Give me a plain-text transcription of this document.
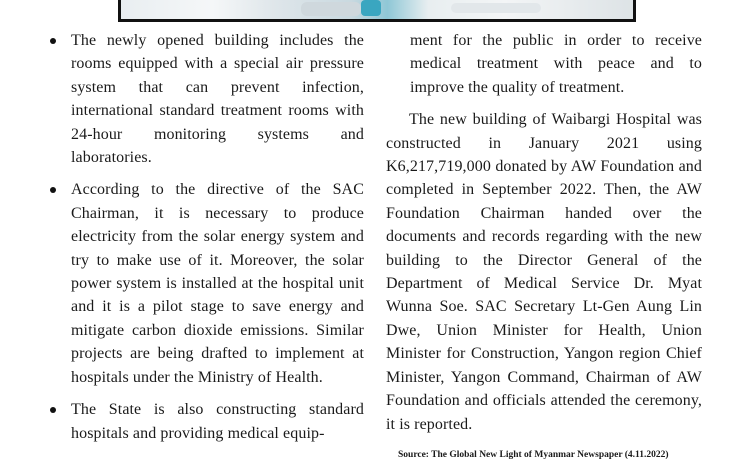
The newly opened building includes the rooms equipped with a special air pressure system that can prevent infection, international standard treatment rooms with 24-hour monitoring systems and laboratories.

According to the directive of the SAC Chairman, it is necessary to produce electricity from the solar energy system and try to make use of it. Moreover, the solar power system is installed at the hospital unit and it is a pilot stage to save energy and mitigate carbon dioxide emissions. Similar projects are being drafted to implement at hospitals under the Ministry of Health.

The State is also constructing standard hospitals and providing medical equip-

ment for the public in order to receive medical treatment with peace and to improve the quality of treatment.

The new building of Waibargi Hospital was constructed in January 2021 using K6,217,719,000 donated by AW Foundation and completed in September 2022. Then, the AW Foundation Chairman handed over the documents and records regarding with the new building to the Director General of the Department of Medical Service Dr. Myat Wunna Soe. SAC Secretary Lt-Gen Aung Lin Dwe, Union Minister for Health, Union Minister for Construction, Yangon region Chief Minister, Yangon Command, Chairman of AW Foundation and officials attended the ceremony, it is reported.

Source: The Global New Light of Myanmar Newspaper (4.11.2022)
